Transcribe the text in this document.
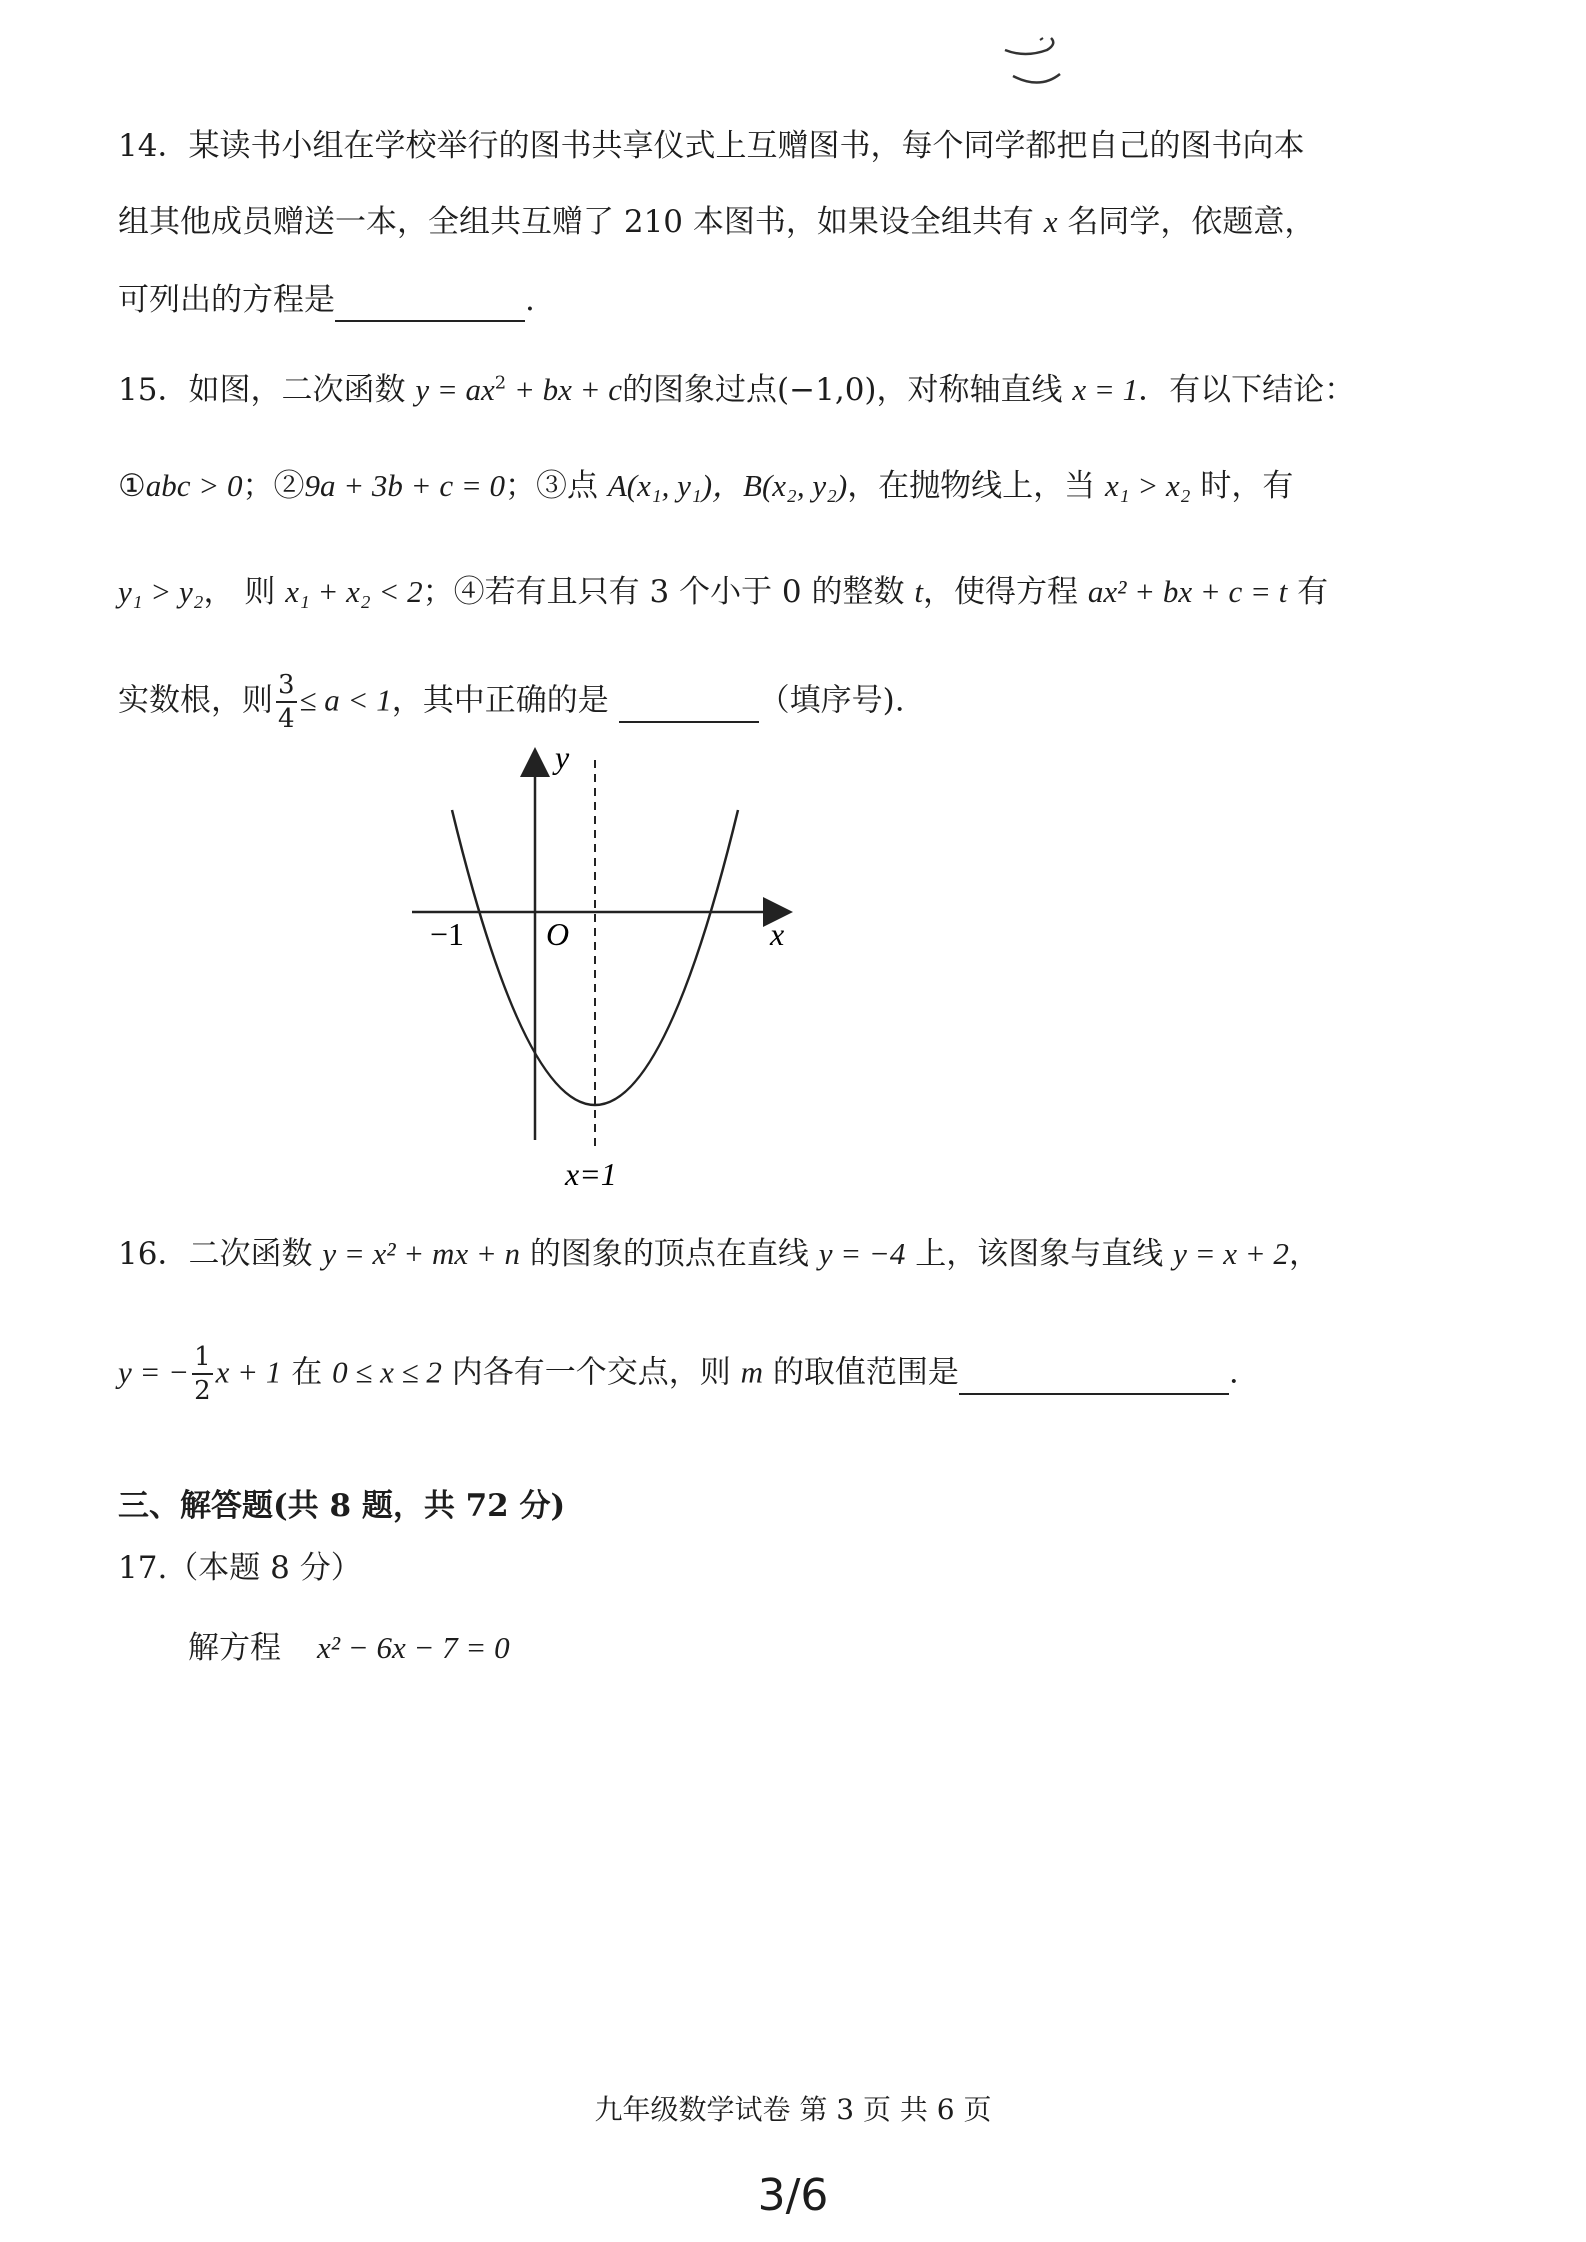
14．某读书小组在学校举行的图书共享仪式上互赠图书，每个同学都把自己的图书向本
组其他成员赠送一本，全组共互赠了 210 本图书，如果设全组共有 x 名同学，依题意，
可列出的方程是	.
15．如图，二次函数 $y = ax^2$ + bx + c的图象过点(−1,0)，对称轴直线 x = 1．有以下结论：
①abc > 0；②9a + 3b + c = 0；③点 A(x₁, y₁)，B(x₂, y₂)，在抛物线上，当 x₁ > x₂ 时，有
y₁ > y₂， 则 x₁ + x₂ < 2；④若有且只有 3 个小于 0 的整数 t，使得方程 ax² + bx + c = t 有
实数根，则 $\frac{3}{4} \le a < 1$，其中正确的是	（填序号).
y
x
O
−1
x=1
16．二次函数 y = x² + mx + n 的图象的顶点在直线 y = −4 上，该图象与直线 y = x + 2，
y = − $\frac{1}{2}$ x + 1 在 0 ≤ x ≤ 2 内各有一个交点，则 m 的取值范围是	.
三、解答题(共 8 题，共 72 分)
17.（本题 8 分）
解方程 x² − 6x − 7 = 0
九年级数学试卷 第 3 页 共 6 页
3/6
